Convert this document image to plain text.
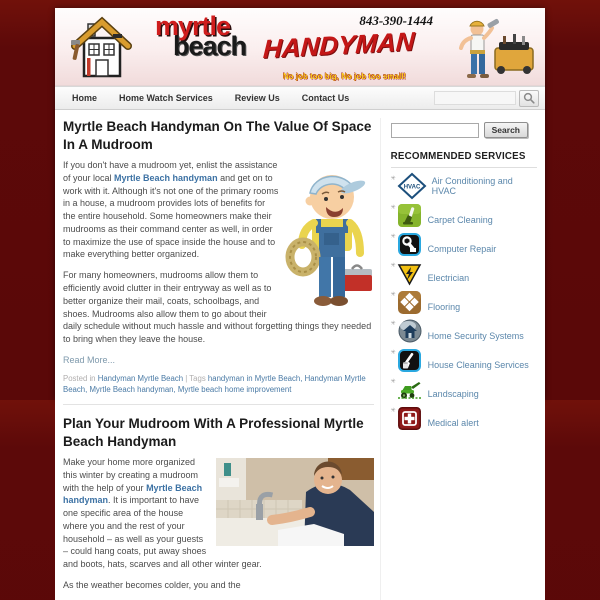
myrtle
beach HANDYMAN
No job too big, No job too small!
843-390-1444
Home	Home Watch Services	Review Us	Contact Us
Myrtle Beach Handyman On The Value Of Space In A Mudroom

If you don't have a mudroom yet, enlist the assistance of your local Myrtle Beach handyman and get on to work with it. Although it's not one of the primary rooms in a house, a mudroom provides lots of benefits for the entire household. Some homeowners make their mudrooms as their command center as well, in order to maximize the use of space inside the house and to make everything better organized.

For many homeowners, mudrooms allow them to efficiently avoid clutter in their entryway as well as to better organize their mail, coats, schoolbags, and shoes. Mudrooms also allow them to go about their daily schedule without much hassle and without forgetting things they needed to bring when they leave the house.

Read More...

Posted in Handyman Myrtle Beach | Tags handyman in Myrtle Beach, Handyman Myrtle Beach, Myrtle Beach handyman, Myrtle beach home improvement

Plan Your Mudroom With A Professional Myrtle Beach Handyman

Make your home more organized this winter by creating a mudroom with the help of your Myrtle Beach handyman. It is important to have one specific area of the house where you and the rest of your household – as well as your guests – could hang coats, put away shoes and boots, hats, scarves and all other winter gear.

As the weather becomes colder, you and the

Search
RECOMMENDED SERVICES
✳
HVAC
Air Conditioning and HVAC
✳
Carpet Cleaning
✳
Computer Repair
✳
Electrician
✳
Flooring
✳
Home Security Systems
✳
House Cleaning Services
✳
Landscaping
✳
Medical alert
